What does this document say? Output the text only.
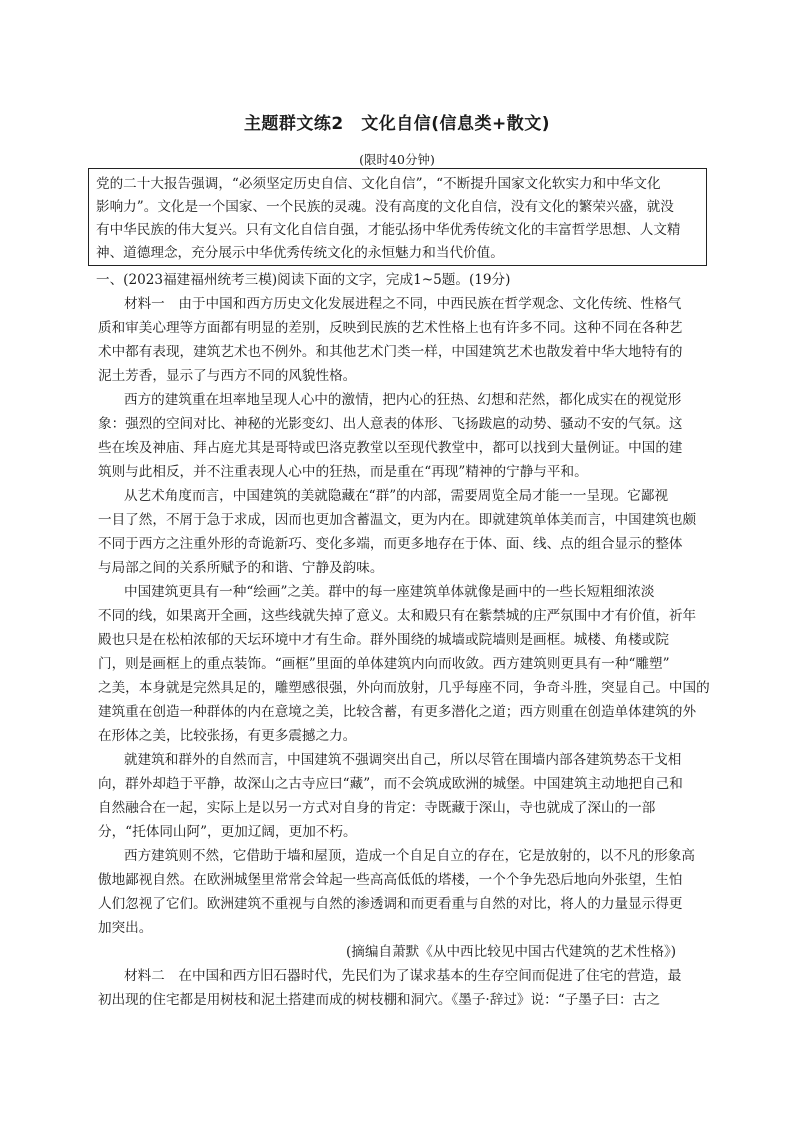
主题群文练2　文化自信(信息类+散文)
(限时40分钟)
党的二十大报告强调，“必须坚定历史自信、文化自信”，“不断提升国家文化软实力和中华文化
影响力”。文化是一个国家、一个民族的灵魂。没有高度的文化自信，没有文化的繁荣兴盛，就没
有中华民族的伟大复兴。只有文化自信自强，才能弘扬中华优秀传统文化的丰富哲学思想、人文精
神、道德理念，充分展示中华优秀传统文化的永恒魅力和当代价值。
一、(2023福建福州统考三模)阅读下面的文字，完成1~5题。(19分)
材料一　由于中国和西方历史文化发展进程之不同，中西民族在哲学观念、文化传统、性格气
质和审美心理等方面都有明显的差别，反映到民族的艺术性格上也有许多不同。这种不同在各种艺
术中都有表现，建筑艺术也不例外。和其他艺术门类一样，中国建筑艺术也散发着中华大地特有的
泥土芳香，显示了与西方不同的风貌性格。
西方的建筑重在坦率地呈现人心中的激情，把内心的狂热、幻想和茫然，都化成实在的视觉形
象：强烈的空间对比、神秘的光影变幻、出人意表的体形、飞扬跋扈的动势、骚动不安的气氛。这
些在埃及神庙、拜占庭尤其是哥特或巴洛克教堂以至现代教堂中，都可以找到大量例证。中国的建
筑则与此相反，并不注重表现人心中的狂热，而是重在“再现”精神的宁静与平和。
从艺术角度而言，中国建筑的美就隐藏在“群”的内部，需要周览全局才能一一呈现。它鄙视
一目了然，不屑于急于求成，因而也更加含蓄温文，更为内在。即就建筑单体美而言，中国建筑也颇
不同于西方之注重外形的奇诡新巧、变化多端，而更多地存在于体、面、线、点的组合显示的整体
与局部之间的关系所赋予的和谐、宁静及韵味。
中国建筑更具有一种“绘画”之美。群中的每一座建筑单体就像是画中的一些长短粗细浓淡
不同的线，如果离开全画，这些线就失掉了意义。太和殿只有在紫禁城的庄严氛围中才有价值，祈年
殿也只是在松柏浓郁的天坛环境中才有生命。群外围绕的城墙或院墙则是画框。城楼、角楼或院
门，则是画框上的重点装饰。“画框”里面的单体建筑内向而收敛。西方建筑则更具有一种“雕塑”
之美，本身就是完然具足的，雕塑感很强，外向而放射，几乎每座不同，争奇斗胜，突显自己。中国的
建筑重在创造一种群体的内在意境之美，比较含蓄，有更多潜化之道；西方则重在创造单体建筑的外
在形体之美，比较张扬，有更多震撼之力。
就建筑和群外的自然而言，中国建筑不强调突出自己，所以尽管在围墙内部各建筑势态干戈相
向，群外却趋于平静，故深山之古寺应曰“藏”，而不会筑成欧洲的城堡。中国建筑主动地把自己和
自然融合在一起，实际上是以另一方式对自身的肯定：寺既藏于深山，寺也就成了深山的一部
分，“托体同山阿”，更加辽阔，更加不朽。
西方建筑则不然，它借助于墙和屋顶，造成一个自足自立的存在，它是放射的，以不凡的形象高
傲地鄙视自然。在欧洲城堡里常常会耸起一些高高低低的塔楼，一个个争先恐后地向外张望，生怕
人们忽视了它们。欧洲建筑不重视与自然的渗透调和而更看重与自然的对比，将人的力量显示得更
加突出。
(摘编自萧默《从中西比较见中国古代建筑的艺术性格》)
材料二　在中国和西方旧石器时代，先民们为了谋求基本的生存空间而促进了住宅的营造，最
初出现的住宅都是用树枝和泥土搭建而成的树枝棚和洞穴。《墨子·辞过》说：“子墨子曰：古之
